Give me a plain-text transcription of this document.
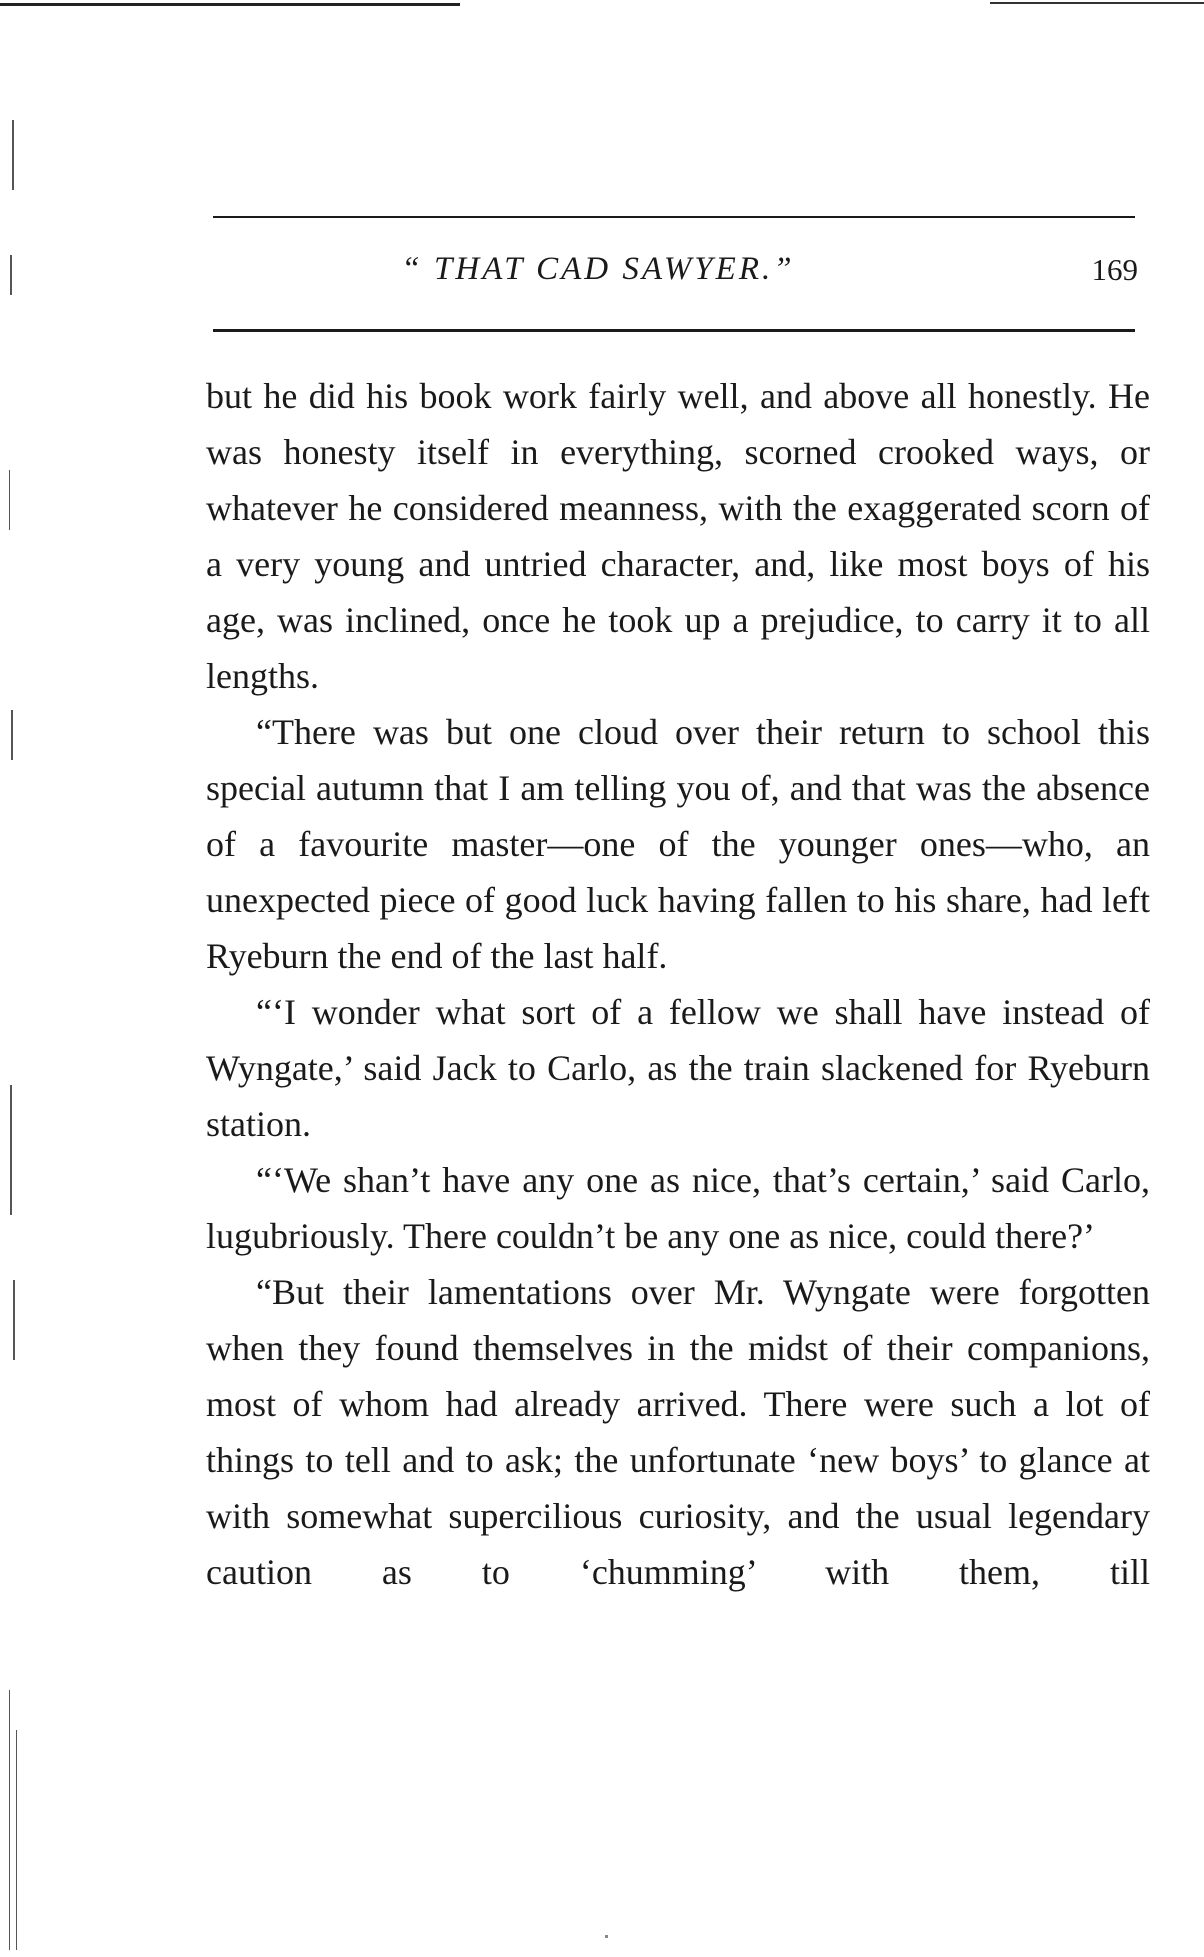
“ THAT CAD SAWYER.”	169

but he did his book work fairly well, and above all honestly. He was honesty itself in everything, scorned crooked ways, or whatever he considered meanness, with the exaggerated scorn of a very young and untried character, and, like most boys of his age, was inclined, once he took up a prejudice, to carry it to all lengths.

“There was but one cloud over their return to school this special autumn that I am telling you of, and that was the absence of a favourite master—one of the younger ones—who, an unexpected piece of good luck having fallen to his share, had left Ryeburn the end of the last half.

“‘I wonder what sort of a fellow we shall have instead of Wyngate,’ said Jack to Carlo, as the train slackened for Ryeburn station.

“‘We shan’t have any one as nice, that’s certain,’ said Carlo, lugubriously. There couldn’t be any one as nice, could there?’

“But their lamentations over Mr. Wyngate were forgotten when they found themselves in the midst of their companions, most of whom had already arrived. There were such a lot of things to tell and to ask; the unfortunate ‘new boys’ to glance at with somewhat supercilious curiosity, and the usual legendary caution as to ‘chumming’ with them, till
